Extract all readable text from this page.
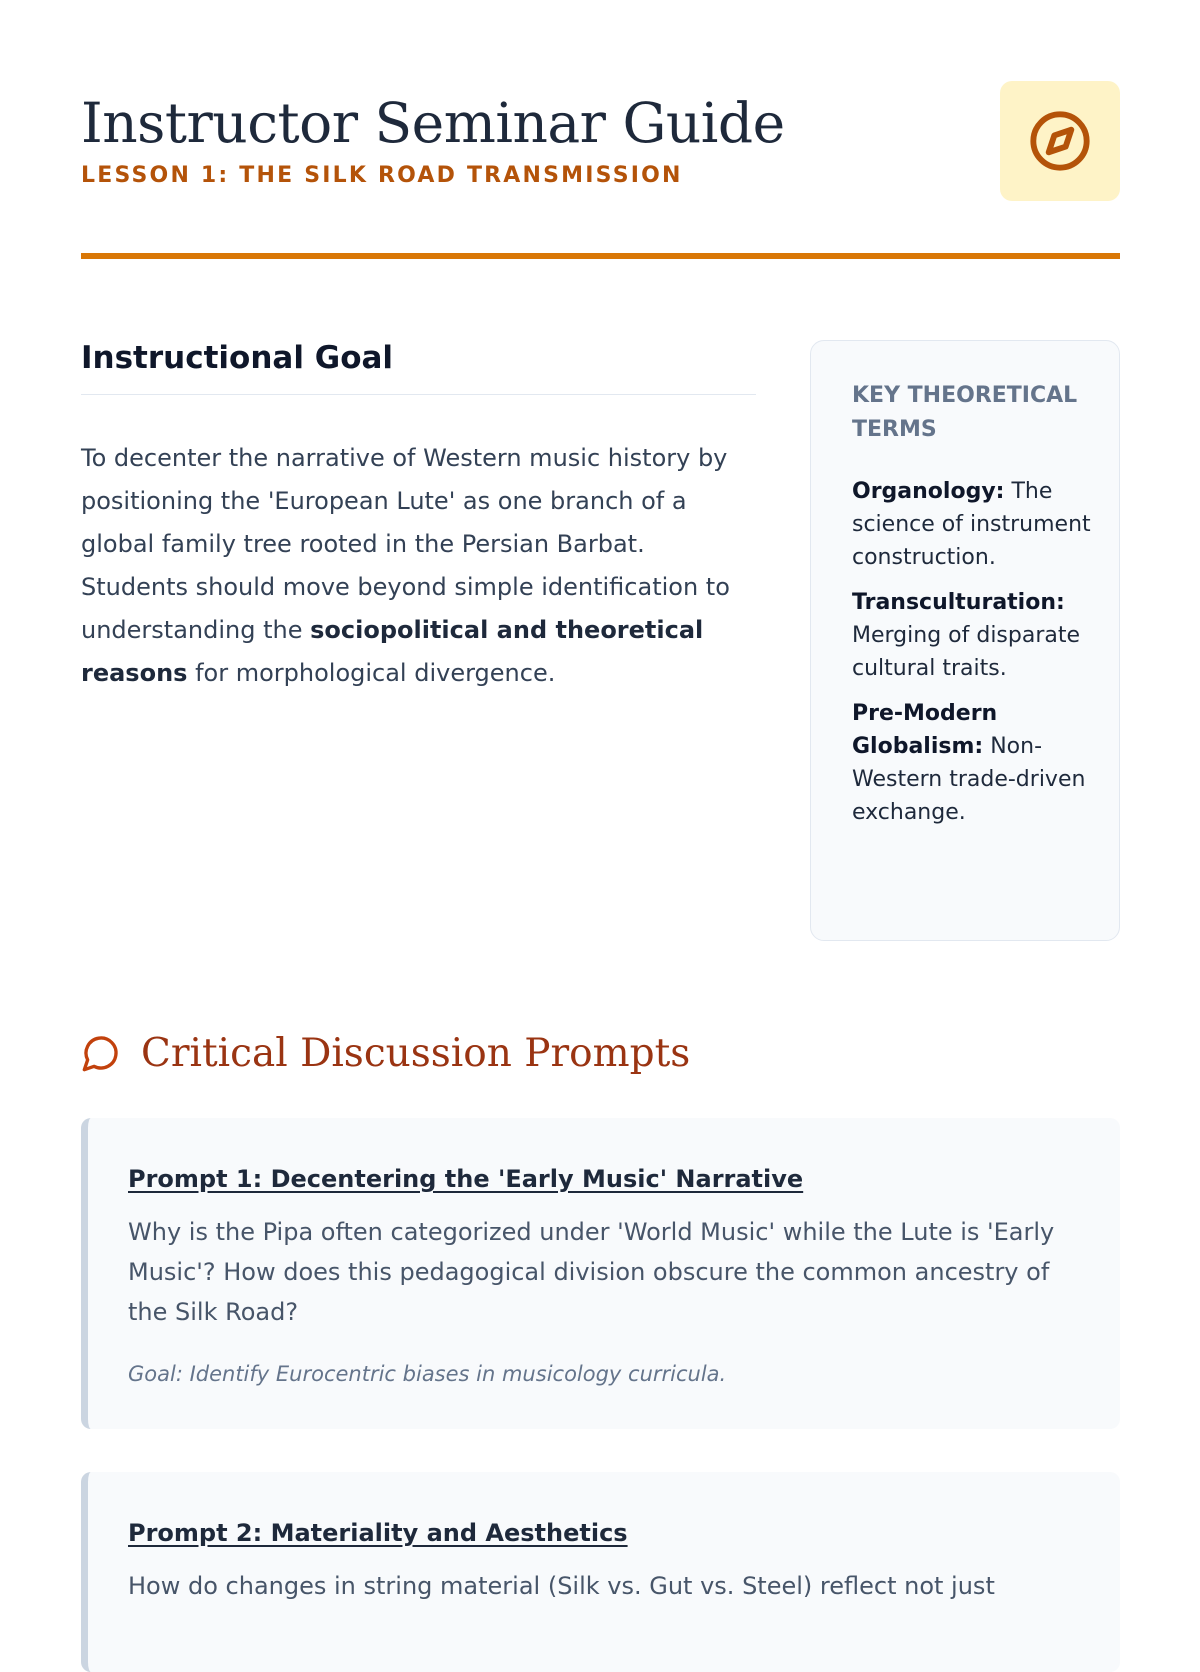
Instructor Seminar Guide
LESSON 1: THE SILK ROAD TRANSMISSION
Instructional Goal

To decenter the narrative of Western music history by positioning the 'European Lute' as one branch of a global family tree rooted in the Persian Barbat. Students should move beyond simple identification to understanding the sociopolitical and theoretical reasons for morphological divergence.

KEY THEORETICAL TERMS

Organology: The science of instrument construction.

Transculturation: Merging of disparate cultural traits.

Pre-Modern Globalism: Non-Western trade-driven exchange.

Critical Discussion Prompts
Prompt 1: Decentering the 'Early Music' Narrative

Why is the Pipa often categorized under 'World Music' while the Lute is 'Early Music'? How does this pedagogical division obscure the common ancestry of the Silk Road?

Goal: Identify Eurocentric biases in musicology curricula.

Prompt 2: Materiality and Aesthetics

How do changes in string material (Silk vs. Gut vs. Steel) reflect not just
